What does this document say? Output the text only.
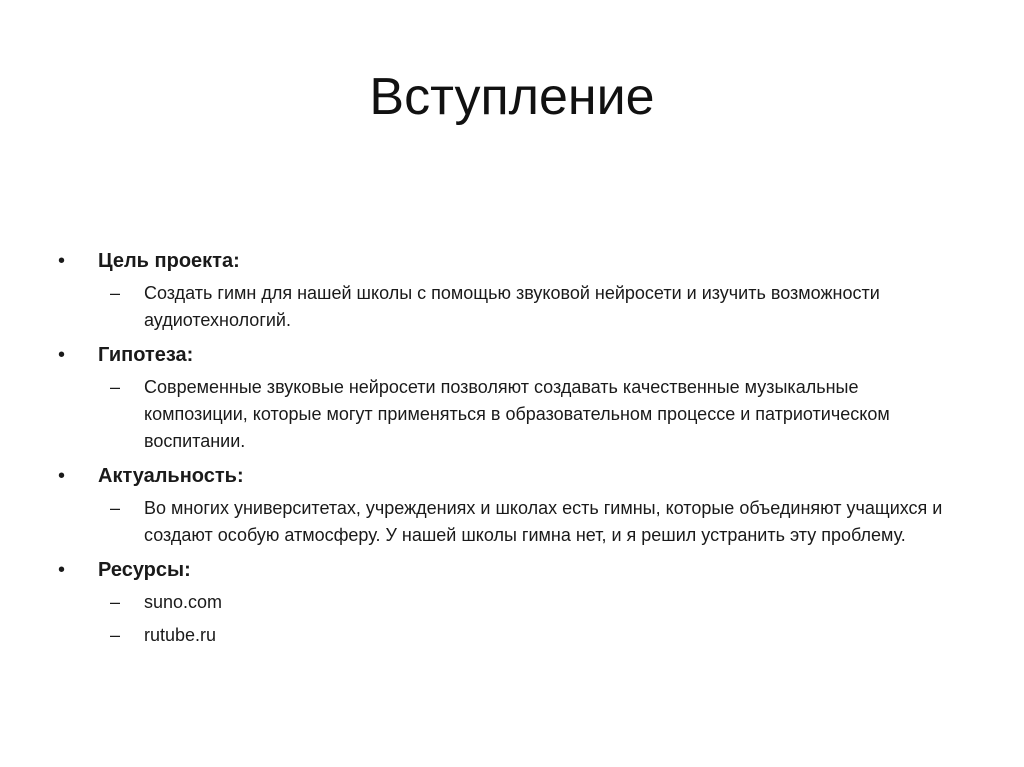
Вступление
•	Цель проекта:
–	Создать гимн для нашей школы с помощью звуковой нейросети и изучить возможности аудиотехнологий.
•	Гипотеза:
–	Современные звуковые нейросети позволяют создавать качественные музыкальные композиции, которые могут применяться в образовательном процессе и патриотическом воспитании.
•	Актуальность:
–	Во многих университетах, учреждениях и школах есть гимны, которые объединяют учащихся и создают особую атмосферу. У нашей школы гимна нет, и я решил устранить эту проблему.
•	Ресурсы:
–	suno.com
–	rutube.ru
